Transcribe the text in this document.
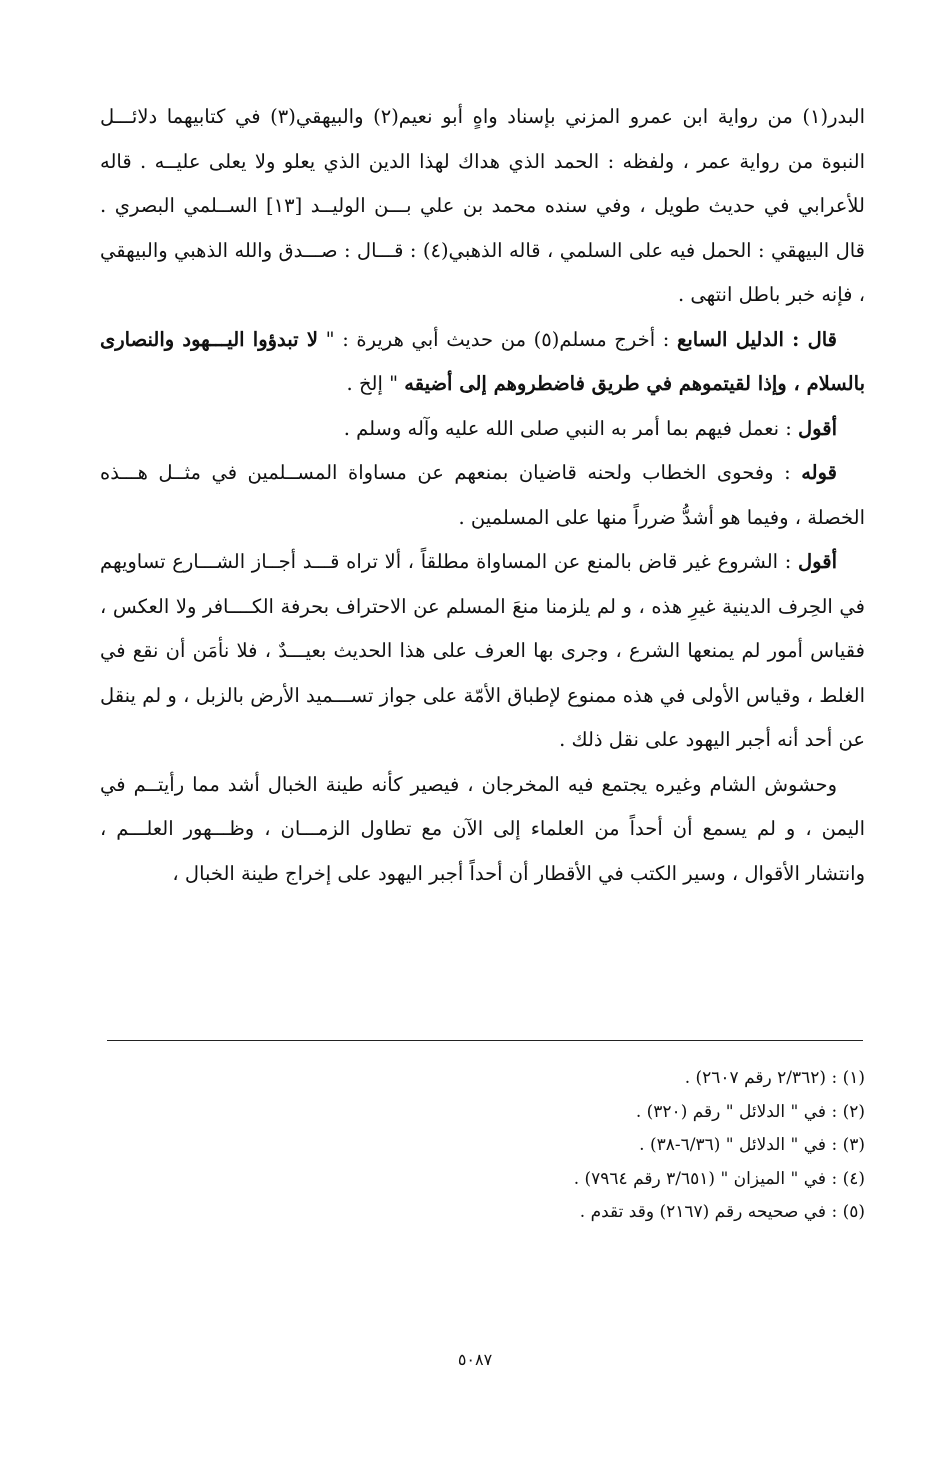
البدر(١) من رواية ابن عمرو المزني بإسناد واهٍ أبو نعيم(٢) والبيهقي(٣) في كتابيهما دلائـــل النبوة من رواية عمر ، ولفظه : الحمد الذي هداك لهذا الدين الذي يعلو ولا يعلى عليــه . قاله للأعرابي في حديث طويل ، وفي سنده محمد بن علي بـــن الوليــد [١٣] الســلمي البصري . قال البيهقي : الحمل فيه على السلمي ، قاله الذهبي(٤) : قـــال : صـــدق والله الذهبي والبيهقي ، فإنه خبر باطل انتهى .

قال : الدليل السابع : أخرج مسلم(٥) من حديث أبي هريرة : " لا تبدؤوا اليـــهود والنصارى بالسلام ، وإذا لقيتموهم في طريق فاضطروهم إلى أضيقه " إلخ .

أقول : نعمل فيهم بما أمر به النبي صلى الله عليه وآله وسلم .

قوله : وفحوى الخطاب ولحنه قاضيان بمنعهم عن مساواة المســلمين في مثــل هـــذه الخصلة ، وفيما هو أشدُّ ضرراً منها على المسلمين .

أقول : الشروع غير قاض بالمنع عن المساواة مطلقاً ، ألا تراه قـــد أجــاز الشـــارع تساويهم في الحِرف الدينية غيرِ هذه ، و لم يلزمنا منعَ المسلم عن الاحتراف بحرفة الكــــافر ولا العكس ، فقياس أمور لم يمنعها الشرع ، وجرى بها العرف على هذا الحديث بعيـــدٌ ، فلا نأمَن أن نقع في الغلط ، وقياس الأولى في هذه ممنوع لإطباق الأمّة على جواز تســـميد الأرض بالزبل ، و لم ينقل عن أحد أنه أجبر اليهود على نقل ذلك .

وحشوش الشام وغيره يجتمع فيه المخرجان ، فيصير كأنه طينة الخبال أشد مما رأيتــم في اليمن ، و لم يسمع أن أحداً من العلماء إلى الآن مع تطاول الزمـــان ، وظـــهور العلـــم ، وانتشار الأقوال ، وسير الكتب في الأقطار أن أحداً أجبر اليهود على إخراج طينة الخبال ،

(١) : (٢/٣٦٢ رقم ٢٦٠٧) .

(٢) : في " الدلائل " رقم (٣٢٠) .

(٣) : في " الدلائل " (٦/٣٦-٣٨) .

(٤) : في " الميزان " (٣/٦٥١ رقم ٧٩٦٤) .

(٥) : في صحيحه رقم (٢١٦٧) وقد تقدم .

٥٠٨٧
